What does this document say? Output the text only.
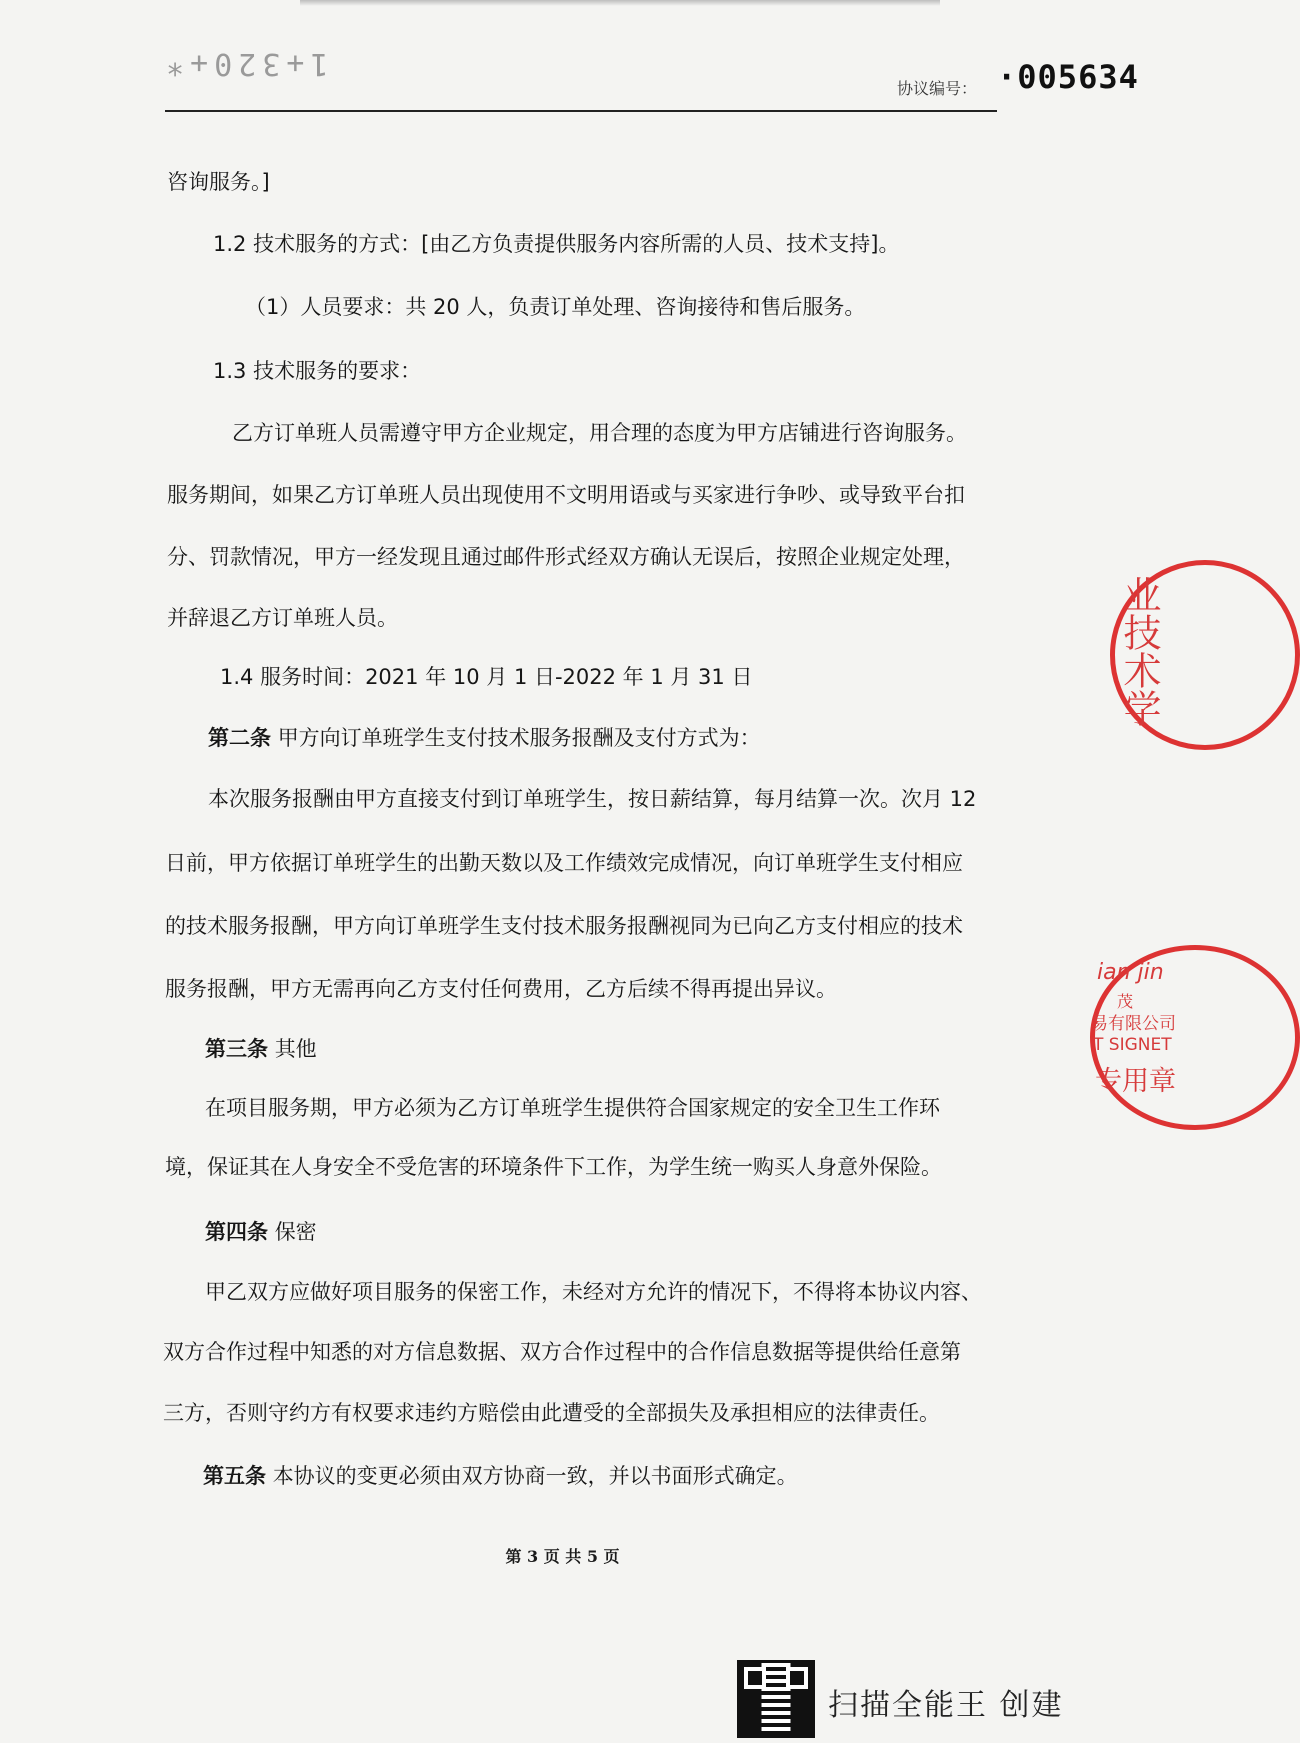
1+320+*
协议编号： ·005634
咨询服务。]
1.2 技术服务的方式：[由乙方负责提供服务内容所需的人员、技术支持]。
（1）人员要求：共 20 人，负责订单处理、咨询接待和售后服务。
1.3 技术服务的要求：
乙方订单班人员需遵守甲方企业规定，用合理的态度为甲方店铺进行咨询服务。
服务期间，如果乙方订单班人员出现使用不文明用语或与买家进行争吵、或导致平台扣
分、罚款情况，甲方一经发现且通过邮件形式经双方确认无误后，按照企业规定处理，
并辞退乙方订单班人员。
1.4 服务时间：2021 年 10 月 1 日-2022 年 1 月 31 日
第二条 甲方向订单班学生支付技术服务报酬及支付方式为：
本次服务报酬由甲方直接支付到订单班学生，按日薪结算，每月结算一次。次月 12
日前，甲方依据订单班学生的出勤天数以及工作绩效完成情况，向订单班学生支付相应
的技术服务报酬，甲方向订单班学生支付技术服务报酬视同为已向乙方支付相应的技术
服务报酬，甲方无需再向乙方支付任何费用，乙方后续不得再提出异议。
第三条 其他
在项目服务期，甲方必须为乙方订单班学生提供符合国家规定的安全卫生工作环
境，保证其在人身安全不受危害的环境条件下工作，为学生统一购买人身意外保险。
第四条 保密
甲乙双方应做好项目服务的保密工作，未经对方允许的情况下，不得将本协议内容、
双方合作过程中知悉的对方信息数据、双方合作过程中的合作信息数据等提供给任意第
三方，否则守约方有权要求违约方赔偿由此遭受的全部损失及承担相应的法律责任。
第五条 本协议的变更必须由双方协商一致，并以书面形式确定。
第 3 页 共 5 页
业技术学
ian jin
茂
易有限公司
T SIGNET
专用章
扫描全能王 创建
